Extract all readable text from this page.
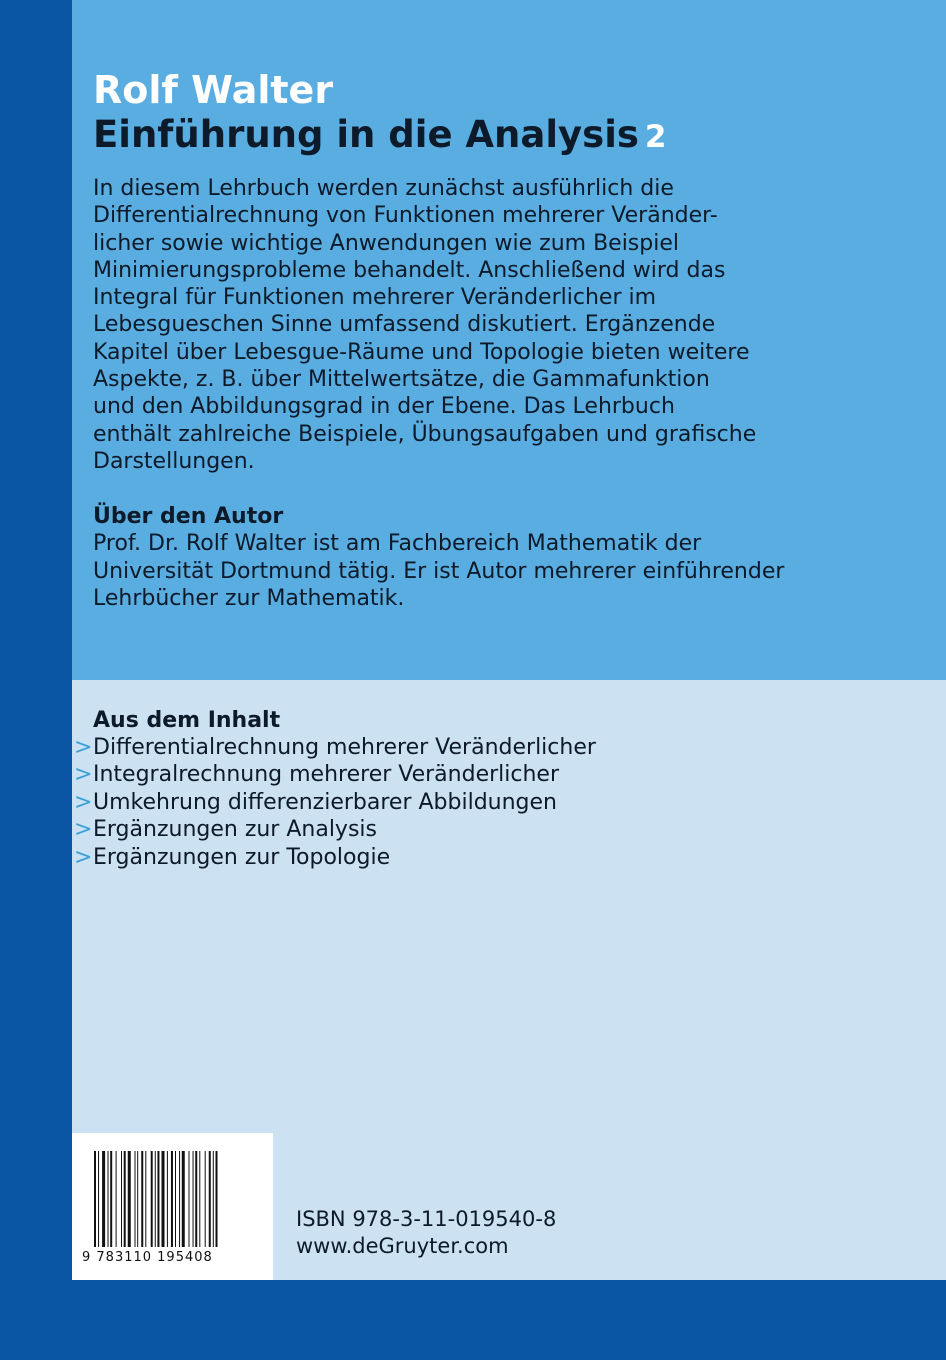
Rolf Walter
Einführung in die Analysis 2
In diesem Lehrbuch werden zunächst ausführlich die
Differentialrechnung von Funktionen mehrerer Veränder-
licher sowie wichtige Anwendungen wie zum Beispiel
Minimierungsprobleme behandelt. Anschließend wird das
Integral für Funktionen mehrerer Veränderlicher im
Lebesgueschen Sinne umfassend diskutiert. Ergänzende
Kapitel über Lebesgue-Räume und Topologie bieten weitere
Aspekte, z. B. über Mittelwertsätze, die Gammafunktion
und den Abbildungsgrad in der Ebene. Das Lehrbuch
enthält zahlreiche Beispiele, Übungsaufgaben und grafische
Darstellungen.
Über den Autor
Prof. Dr. Rolf Walter ist am Fachbereich Mathematik der
Universität Dortmund tätig. Er ist Autor mehrerer einführender
Lehrbücher zur Mathematik.
Aus dem Inhalt
> Differentialrechnung mehrerer Veränderlicher
> Integralrechnung mehrerer Veränderlicher
> Umkehrung differenzierbarer Abbildungen
> Ergänzungen zur Analysis
> Ergänzungen zur Topologie
9 783110 195408

ISBN 978-3-11-019540-8

www.deGruyter.com
